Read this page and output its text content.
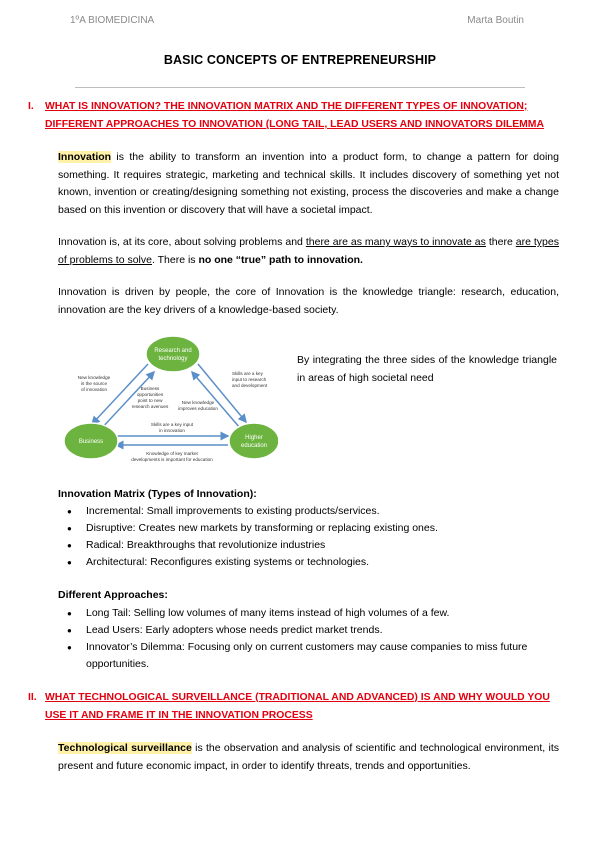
1ºA BIOMEDICINA	Marta Boutin
BASIC CONCEPTS OF ENTREPRENEURSHIP
I. WHAT IS INNOVATION? THE INNOVATION MATRIX AND THE DIFFERENT TYPES OF INNOVATION; DIFFERENT APPROACHES TO INNOVATION (LONG TAIL, LEAD USERS AND INNOVATORS DILEMMA
Innovation is the ability to transform an invention into a product form, to change a pattern for doing something. It requires strategic, marketing and technical skills. It includes discovery of something yet not known, invention or creating/designing something not existing, process the discoveries and make a change based on this invention or discovery that will have a societal impact.
Innovation is, at its core, about solving problems and there are as many ways to innovate as there are types of problems to solve. There is no one “true” path to innovation.
Innovation is driven by people, the core of Innovation is the knowledge triangle: research, education, innovation are the key drivers of a knowledge-based society.
Research and
technology
Business
Higher
education
New knowledge
is the source
of innovation
Skills are a key
input to research
and development
Business
opportunities
point to new
research avenues
New knowledge
improves education
Skills are a key input
in innovation
Knowledge of key market
developments is important for education
By integrating the three sides of the knowledge triangle in areas of high societal need
Innovation Matrix (Types of Innovation):
● Incremental: Small improvements to existing products/services.
● Disruptive: Creates new markets by transforming or replacing existing ones.
● Radical: Breakthroughs that revolutionize industries
● Architectural: Reconfigures existing systems or technologies.
Different Approaches:
● Long Tail: Selling low volumes of many items instead of high volumes of a few.
● Lead Users: Early adopters whose needs predict market trends.
● Innovator’s Dilemma: Focusing only on current customers may cause companies to miss future opportunities.
II. WHAT TECHNOLOGICAL SURVEILLANCE (TRADITIONAL AND ADVANCED) IS AND WHY WOULD YOU USE IT AND FRAME IT IN THE INNOVATION PROCESS
Technological surveillance is the observation and analysis of scientific and technological environment, its present and future economic impact, in order to identify threats, trends and opportunities.
